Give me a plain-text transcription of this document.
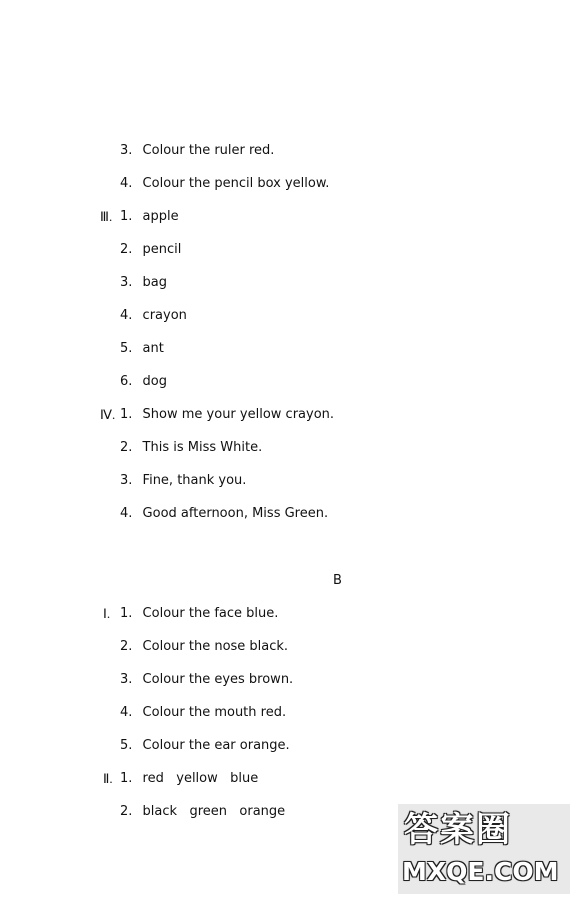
3. Colour the ruler red.
4. Colour the pencil box yellow.
Ⅲ. 1. apple
2. pencil
3. bag
4. crayon
5. ant
6. dog
Ⅳ. 1. Show me your yellow crayon.
2. This is Miss White.
3. Fine, thank you.
4. Good afternoon, Miss Green.
B
Ⅰ. 1. Colour the face blue.
2. Colour the nose black.
3. Colour the eyes brown.
4. Colour the mouth red.
5. Colour the ear orange.
Ⅱ. 1. red   yellow   blue
2. black   green   orange	答案圈
MXQE.COM
